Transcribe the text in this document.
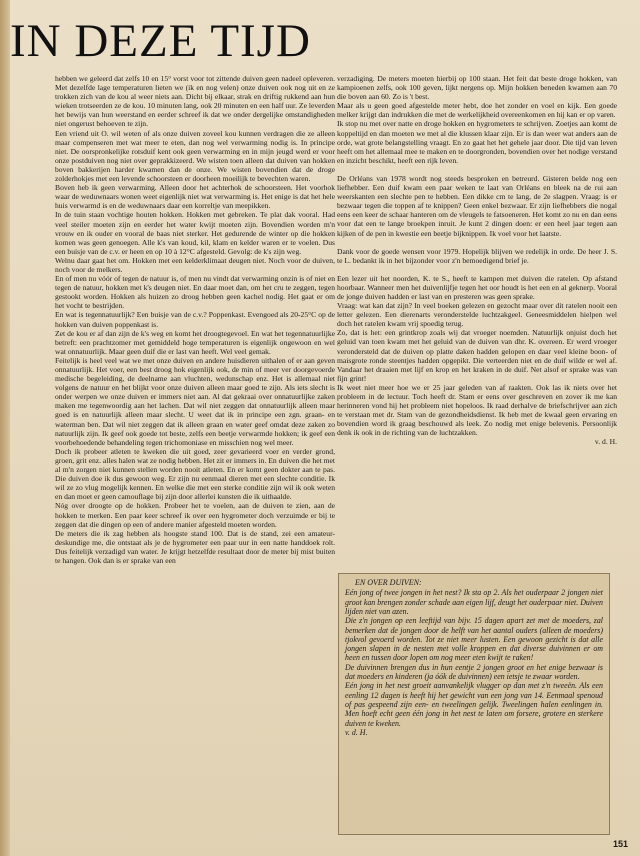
IN DEZE TIJD

hebben we geleerd dat zelfs 10 en 15° vorst voor tot zittende duiven geen nadeel opleveren. Met dezelfde lage temperaturen lieten we (ik en nog velen) onze duiven ook nog uit en ze trokken zich van de kou al weer niets aan. Dicht bij elkaar, strak en driftig rukkend aan hun wieken trotseerden ze de kou. 10 minuten lang, ook 20 minuten en een half uur. Ze leverden het bewijs van hun weerstand en eerder schreef ik dat we onder dergelijke omstandigheden niet ongerust behoeven te zijn.

Een vriend uit O. wil weten of als onze duiven zoveel kou kunnen verdragen die ze alleen maar compenseren met wat meer te eten, dan nog wel verwarming nodig is. In principe niet. De oorspronkelijke rotsduif kent ook geen verwarming en in mijn jeugd werd er voor onze postduiven nog niet over geprakkizeerd. We wisten toen alleen dat duiven van hokken boven bakkerijen harder kwamen dan de onze. We wisten bovendien dat de droge zolderhokjes met een levende schoorsteen er doorheen moeilijk te bevechten waren.

Boven heb ik geen verwarming. Alleen door het achterhok de schoorsteen. Het voorhok waar de weduwnaars wonen weet eigenlijk niet wat verwarming is. Het enige is dat het hele huis verwarmd is en de weduwnaars daar een korreltje van meepikken.

In de tuin staan vochtige houten hokken. Hokken met gebreken. Te plat dak vooral. Had veel steiler moeten zijn en eerder het water kwijt moeten zijn. Bovendien worden m'n vrouw en ik ouder en vooral de baas niet sterker. Het gedurende de winter op die hokken komen was geen genoegen. Alle k's van koud, kil, klam en kelder waren er te voelen. Dus een buisje van de c.v. er heen en op 10 à 12°C afgesteld. Gevolg: de k's zijn weg.

Welnu daar gaat het om. Hokken met een kelderklimaat deugen niet. Noch voor de duiven, noch voor de melkers.

En of men nu vóór of tegen de natuur is, of men nu vindt dat verwarming onzin is of niet en tegen de natuur, hokken met k's deugen niet. En daar moet dan, om het cru te zeggen, tegen gestookt worden. Hokken als huizen zo droog hebben geen kachel nodig. Het gaat er om het vocht te bestrijden.

En wat is tegennatuurlijk? Een buisje van de c.v.? Poppenkast. Evengoed als 20-25°C op de hokken van duiven poppenkast is.

Zet de kou er af dan zijn de k's weg en komt het droogtegevoel. En wat het tegennatuurlijke betreft: een prachtzomer met gemiddeld hoge temperaturen is eigenlijk ongewoon en wel wat onnatuurlijk. Maar geen duif die er last van heeft. Wel veel gemak.

Feitelijk is heel veel wat we met onze duiven en andere huisdieren uithalen of er aan geven onnatuurlijk. Het voer, een best droog hok eigenlijk ook, de min of meer ver doorgevoerde medische begeleiding, de deelname aan vluchten, wedunschap enz. Het is allemaal niet volgens de natuur en het blijkt voor onze duiven alleen maar goed te zijn. Als iets slecht is onder werpen we onze duiven er immers niet aan. Al dat gekraai over onnatuurlijke zaken maken me tegenwoordig aan het lachen. Dat wil niet zeggen dat onnatuurlijk alleen maar goed is en natuurlijk alleen maar slecht. U weet dat ik in principe een zgn. graan- en waterman ben. Dat wil niet zeggen dat ik alleen graan en water geef omdat deze zaken zo natuurlijk zijn. Ik geef ook goede tot beste, zelfs een beetje verwarmde hokken; ik geef een voorbehoedende behandeling tegen trichomoniase en misschien nog wel meer.

Doch ik probeer atleten te kweken die uit goed, zeer gevarieerd voer en verder grond, groen, grit enz. alles halen wat ze nodig hebben. Het zit er immers in. En duiven die het met al m'n zorgen niet kunnen stellen worden nooit atleten. En er komt geen dokter aan te pas. Die duiven doe ik dus gewoon weg. Er zijn nu eenmaal dieren met een slechte conditie. Ik wil ze zo vlug mogelijk kennen. En welke die met een sterke conditie zijn wil ik ook weten en dan moet er geen camouflage bij zijn door allerlei kunsten die ik uithaalde.

Nóg over droogte op de hokken. Probeer het te voelen, aan de duiven te zien, aan de hokken te merken. Een paar keer schreef ik over een hygrometer doch verzuimde er bij te zeggen dat die dingen op een of andere manier afgesteld moeten worden.

De meters die ik zag hebben als hoogste stand 100. Dat is de stand, zei een amateur-deskundige me, die ontstaat als je de hygrometer een paar uur in een natte handdoek rolt. Dus feitelijk verzadigd van water. Je krijgt hetzelfde resultaat door de meter bij mist buiten te hangen. Ook dan is er sprake van een

verzadiging. De meters moeten hierbij op 100 staan. Het feit dat beste droge hokken, van kampioenen zelfs, ook 100 geven, lijkt nergens op. Mijn hokken beneden kwamen aan 70 die boven aan 60. Zo is 't best.

Maar als u geen goed afgestelde meter hebt, doe het zonder en voel en kijk. Een goede melker krijgt dan indrukken die met de werkelijkheid overeenkomen en hij kan er op varen.

Ik stop nu met over natte en droge hokken en hygrometers te schrijven. Zoetjes aan komt de koppeltijd en dan moeten we met al die klussen klaar zijn. Er is dan weer wat anders aan de orde, wat grote belangstelling vraagt. En zo gaat het het gehele jaar door. Die tijd van leven heeft om het allemaal mee te maken en te doorgronden, bovendien over het nodige verstand en inzicht beschikt, heeft een rijk leven.

De Orléans van 1978 wordt nog steeds besproken en betreurd. Gisteren belde nog een liefhebber. Een duif kwam een paar weken te laat van Orléans en bleek na de rui aan weerskanten een slechte pen te hebben. Een dikke cm te lang, de 2e slagpen. Vraag: is er bezwaar tegen die toppen af te knippen? Geen enkel bezwaar. Er zijn liefhebbers die nogal eens een keer de schaar hanteren om de vleugels te fatsoeneren. Het komt zo nu en dan eens voor dat een te lange broekpen inruit. Je kunt 2 dingen doen: er een heel jaar tegen aan kijken of de pen in kwestie een beetje bijknippen. Ik voel voor het laatste.

Dank voor de goede wensen voor 1979. Hopelijk blijven we redelijk in orde. De heer J. S. te L. bedankt ik in het bijzonder voor z'n bemoedigend brief je.

Een lezer uit het noorden, K. te S., heeft te kampen met duiven die ratelen. Op afstand hoorbaar. Wanneer men het duivenlijfje tegen het oor houdt is het een en al geknerp. Vooral de jonge duiven hadden er last van en presteren was geen sprake.

Vraag: wat kan dat zijn? In veel boeken gelezen en gezocht maar over dit ratelen nooit een letter gelezen. Een dierenarts veronderstelde luchtzakgeel. Geneesmiddelen hielpen wel doch het ratelen kwam vrij spoedig terug.

Zo, dat is het: een grintkrop zoals wij dat vroeger noemden. Natuurlijk onjuist doch het geluid van toen kwam met het geluid van de duiven van dhr. K. overeen. Er werd vroeger verondersteld dat de duiven op platte daken hadden gelopen en daar veel kleine boon- of maisgrote ronde steentjes hadden opgepikt. Die verteerden niet en de duif wilde er wel af. Vandaar het draaien met lijf en krop en het kraken in de duif. Net alsof er sprake was van fijn grint!

Ik weet niet meer hoe we er 25 jaar geleden van af raakten. Ook las ik niets over het probleem in de lectuur. Toch heeft dr. Stam er eens over geschreven en zover ik me kan herinneren vond hij het probleem niet hopeloos. Ik raad derhalve de briefschrijver aan zich te verstaan met dr. Stam van de gezondheidsdienst. Ik heb met de kwaal geen ervaring en bovendien word ik graag beschouwd als leek. Zo nodig met enige belevenis. Persoonlijk denk ik ook in de richting van de luchtzakken.

v. d. H.

EN OVER DUIVEN:

Eén jong of twee jongen in het nest? Ik sta op 2. Als het ouderpaar 2 jongen niet groot kan brengen zonder schade aan eigen lijf, deugt het ouderpaar niet. Duiven lijden niet van azen.

Die z'n jongen op een leeftijd van bijv. 15 dagen apart zet met de moeders, zal bemerken dat de jongen door de helft van het aantal ouders (alleen de moeders) tjokvol gevoerd worden. Tot ze niet meer lusten. Een gewoon gezicht is dat alle jongen slapen in de nesten met volle kroppen en dat diverse duivinnen er om heen en tussen door lopen om nog meer eten kwijt te raken!

De duivinnen brengen dus in hun eentje 2 jongen groot en het enige bezwaar is dat moeders en kinderen (ja óók de duivinnen) een ietsje te zwaar worden.

Eén jong in het nest groeit aanvankelijk vlugger op dan met z'n tweeën. Als een eenling 12 dagen is heeft hij het gewicht van een jong van 14. Eenmaal spenoud of pas gespeend zijn een- en tweelingen gelijk. Tweelingen halen eenlingen in. Men hoeft echt geen één jong in het nest te laten om forsere, grotere en sterkere duiven te kweken.

v. d. H.

151
